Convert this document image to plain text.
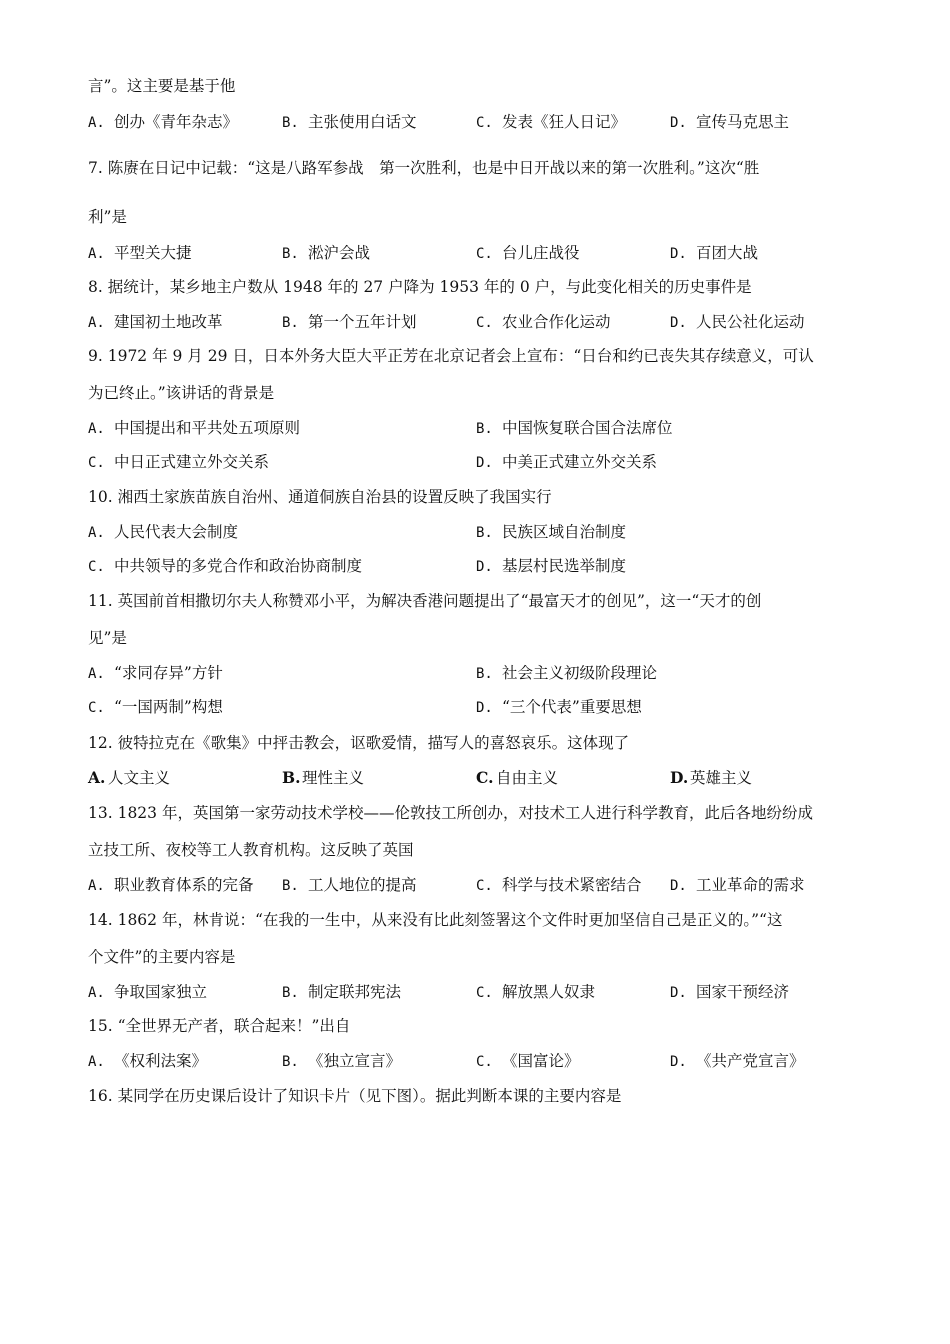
言”。这主要是基于他
A. 创办《青年杂志》	B. 主张使用白话文	C. 发表《狂人日记》	D. 宣传马克思主
7. 陈赓在日记中记载：“这是八路军参战　第一次胜利，也是中日开战以来的第一次胜利。”这次“胜
利”是
A. 平型关大捷	B. 淞沪会战	C. 台儿庄战役	D. 百团大战
8. 据统计，某乡地主户数从 1948 年的 27 户降为 1953 年的 0 户，与此变化相关的历史事件是
A. 建国初土地改革	B. 第一个五年计划	C. 农业合作化运动	D. 人民公社化运动
9. 1972 年 9 月 29 日，日本外务大臣大平正芳在北京记者会上宣布：“日台和约已丧失其存续意义，可认
为已终止。”该讲话的背景是
A. 中国提出和平共处五项原则	B. 中国恢复联合国合法席位
C. 中日正式建立外交关系	D. 中美正式建立外交关系
10. 湘西土家族苗族自治州、通道侗族自治县的设置反映了我国实行
A. 人民代表大会制度	B. 民族区域自治制度
C. 中共领导的多党合作和政治协商制度	D. 基层村民选举制度
11. 英国前首相撒切尔夫人称赞邓小平，为解决香港问题提出了“最富天才的创见”，这一“天才的创
见”是
A. “求同存异”方针	B. 社会主义初级阶段理论
C. “一国两制”构想	D. “三个代表”重要思想
12. 彼特拉克在《歌集》中抨击教会，讴歌爱情，描写人的喜怒哀乐。这体现了
A. 人文主义	B.理性主义	C. 自由主义	D. 英雄主义
13. 1823 年，英国第一家劳动技术学校——伦敦技工所创办，对技术工人进行科学教育，此后各地纷纷成
立技工所、夜校等工人教育机构。这反映了英国
A. 职业教育体系的完备 B. 工人地位的提高	C. 科学与技术紧密结合 D. 工业革命的需求
14. 1862 年，林肯说：“在我的一生中，从来没有比此刻签署这个文件时更加坚信自己是正义的。”“这
个文件”的主要内容是
A. 争取国家独立	B. 制定联邦宪法	C. 解放黑人奴隶	D. 国家干预经济
15. “全世界无产者，联合起来！”出自
A. 《权利法案》	B. 《独立宣言》	C. 《国富论》	D. 《共产党宣言》
16. 某同学在历史课后设计了知识卡片（见下图）。据此判断本课的主要内容是
